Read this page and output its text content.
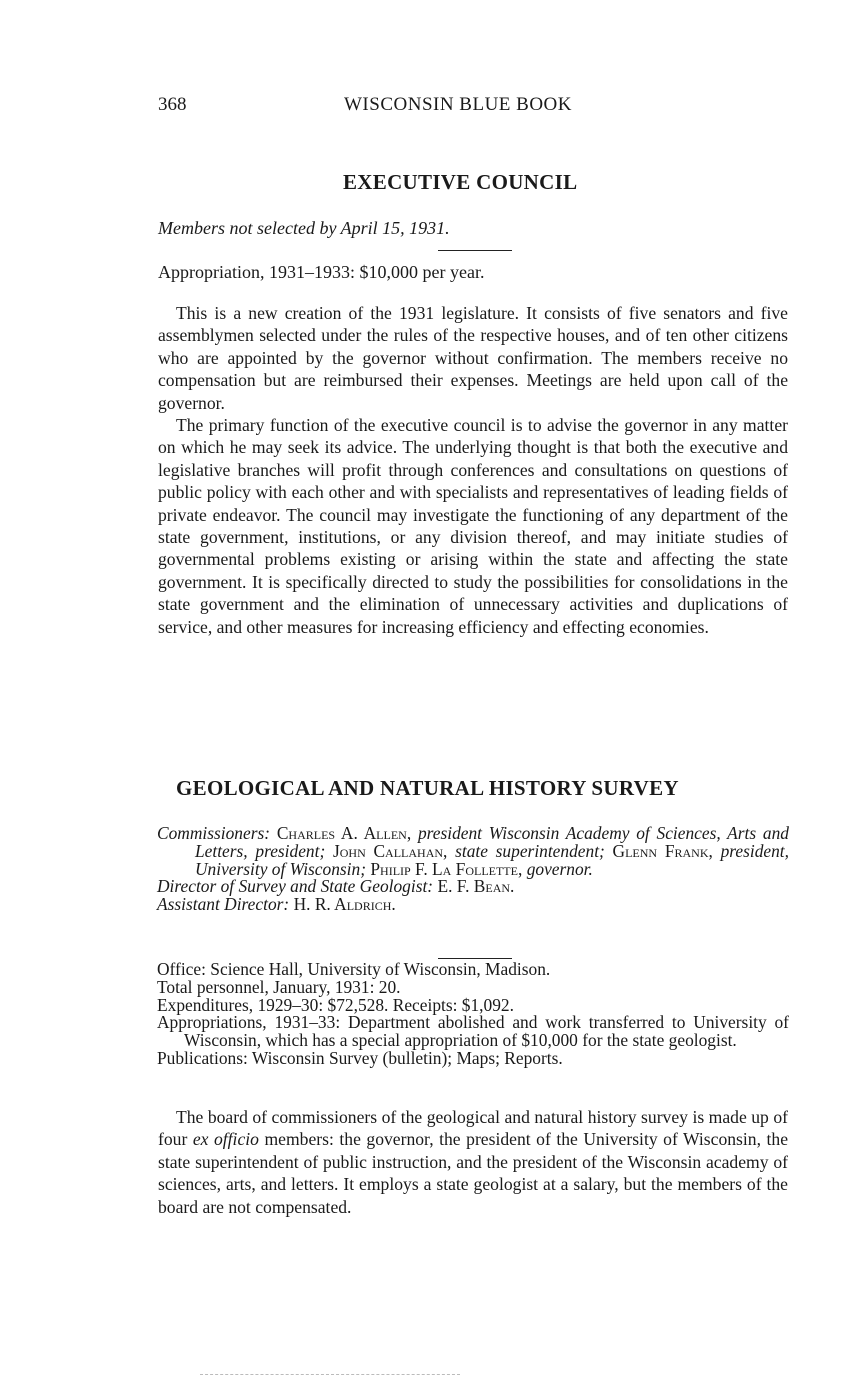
368	WISCONSIN BLUE BOOK
EXECUTIVE COUNCIL
Members not selected by April 15, 1931.
Appropriation, 1931–1933: $10,000 per year.

This is a new creation of the 1931 legislature. It consists of five senators and five assemblymen selected under the rules of the respective houses, and of ten other citizens who are appointed by the governor without confirmation. The members receive no compensation but are reimbursed their expenses. Meetings are held upon call of the governor.

The primary function of the executive council is to advise the governor in any matter on which he may seek its advice. The underlying thought is that both the executive and legislative branches will profit through conferences and consultations on questions of public policy with each other and with specialists and representatives of leading fields of private endeavor. The council may investigate the functioning of any department of the state government, institutions, or any division thereof, and may initiate studies of governmental problems existing or arising within the state and affecting the state government. It is specifically directed to study the possibilities for consolidations in the state government and the elimination of unnecessary activities and duplications of service, and other measures for increasing efficiency and effecting economies.

GEOLOGICAL AND NATURAL HISTORY SURVEY
Commissioners: Charles A. Allen, president Wisconsin Academy of Sciences, Arts and Letters, president; John Callahan, state superintendent; Glenn Frank, president, University of Wisconsin; Philip F. La Follette, governor.
Director of Survey and State Geologist: E. F. Bean.
Assistant Director: H. R. Aldrich.
Office: Science Hall, University of Wisconsin, Madison.
Total personnel, January, 1931: 20.
Expenditures, 1929–30: $72,528. Receipts: $1,092.
Appropriations, 1931–33: Department abolished and work transferred to University of Wisconsin, which has a special appropriation of $10,000 for the state geologist.
Publications: Wisconsin Survey (bulletin); Maps; Reports.

The board of commissioners of the geological and natural history survey is made up of four ex officio members: the governor, the president of the University of Wisconsin, the state superintendent of public instruction, and the president of the Wisconsin academy of sciences, arts, and letters. It employs a state geologist at a salary, but the members of the board are not compensated.
